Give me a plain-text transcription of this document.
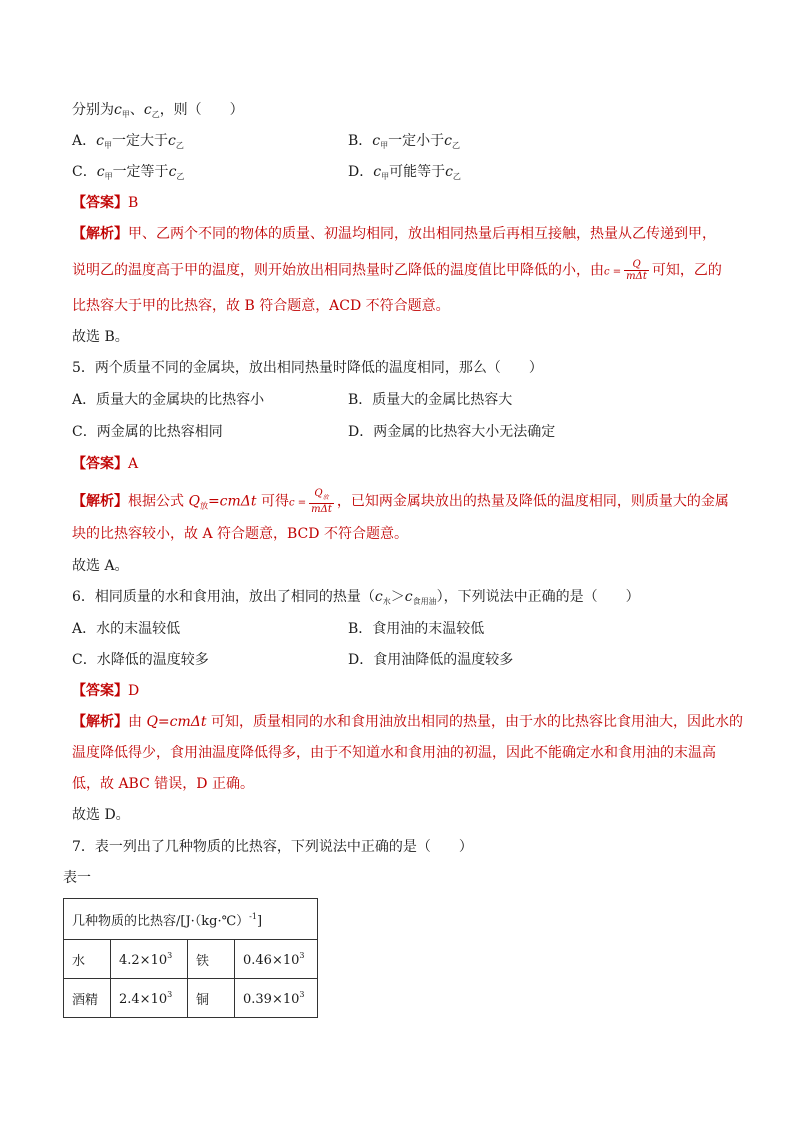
分别为$c_甲$、$c_乙$，则（　　）
A．$c_甲$一定大于$c_乙$	B．$c_甲$一定小于$c_乙$
C．$c_甲$一定等于$c_乙$	D．$c_甲$可能等于$c_乙$
【答案】B
【解析】甲、乙两个不同的物体的质量、初温均相同，放出相同热量后再相互接触，热量从乙传递到甲，
说明乙的温度高于甲的温度，则开始放出相同热量时乙降低的温度值比甲降低的小，由$c = \frac{Q}{\text{mΔt}}$ 可知，乙的
比热容大于甲的比热容，故 B 符合题意，ACD 不符合题意。
故选 B。
5．两个质量不同的金属块，放出相同热量时降低的温度相同，那么（　　）
A．质量大的金属块的比热容小	B．质量大的金属比热容大
C．两金属的比热容相同	D．两金属的比热容大小无法确定
【答案】A
【解析】根据公式 $Q_放=cm\Delta t$ 可得$c = \frac{Q_放}{\text{mΔt}}$ ，已知两金属块放出的热量及降低的温度相同，则质量大的金属
块的比热容较小，故 A 符合题意，BCD 不符合题意。
故选 A。
6．相同质量的水和食用油，放出了相同的热量$(c_水>c_{食用油})$，下列说法中正确的是（　　）
A．水的末温较低	B．食用油的末温较低
C．水降低的温度较多	D．食用油降低的温度较多
【答案】D
【解析】由 Q=cmΔt 可知，质量相同的水和食用油放出相同的热量，由于水的比热容比食用油大，因此水的
温度降低得少，食用油温度降低得多，由于不知道水和食用油的初温，因此不能确定水和食用油的末温高
低，故 ABC 错误，D 正确。
故选 D。
7．表一列出了几种物质的比热容，下列说法中正确的是（　　）
表一
几种物质的比热容/[J·（kg·℃）$^{-1}$]			
水	$4.2\times 10^3$	铁	$0.46\times 10^3$
酒精	$2.4\times 10^3$	铜	$0.39\times 10^3$
